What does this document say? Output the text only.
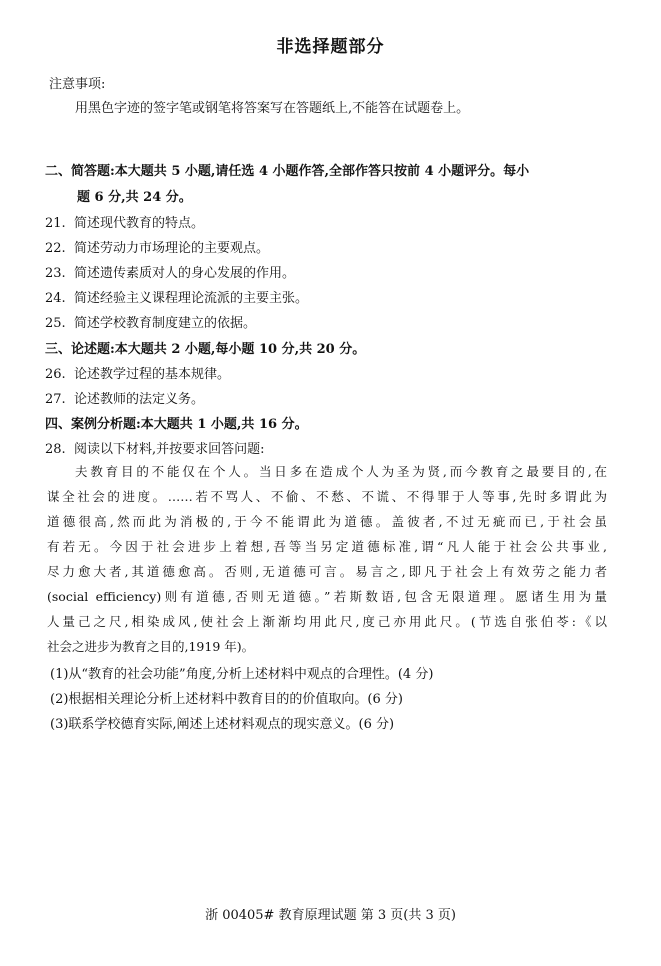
非选择题部分
注意事项:
用黑色字迹的签字笔或钢笔将答案写在答题纸上,不能答在试题卷上。
二、简答题:本大题共 5 小题,请任选 4 小题作答,全部作答只按前 4 小题评分。每小
题 6 分,共 24 分。
21. 简述现代教育的特点。
22. 简述劳动力市场理论的主要观点。
23. 简述遗传素质对人的身心发展的作用。
24. 简述经验主义课程理论流派的主要主张。
25. 简述学校教育制度建立的依据。
三、论述题:本大题共 2 小题,每小题 10 分,共 20 分。
26. 论述教学过程的基本规律。
27. 论述教师的法定义务。
四、案例分析题:本大题共 1 小题,共 16 分。
28. 阅读以下材料,并按要求回答问题:
夫教育目的不能仅在个人。当日多在造成个人为圣为贤,而今教育之最要目的,在
谋全社会的进度。……若不骂人、不偷、不愁、不谎、不得罪于人等事,先时多谓此为
道德很高,然而此为消极的,于今不能谓此为道德。盖彼者,不过无疵而已,于社会虽
有若无。今因于社会进步上着想,吾等当另定道德标准,谓“凡人能于社会公共事业,
尽力愈大者,其道德愈高。否则,无道德可言。易言之,即凡于社会上有效劳之能力者
(social efficiency)则有道德,否则无道德。”若斯数语,包含无限道理。愿诸生用为量
人量己之尺,相染成风,使社会上渐渐均用此尺,度己亦用此尺。(节选自张伯苓:《以
社会之进步为教育之目的,1919 年)。
(1)从“教育的社会功能”角度,分析上述材料中观点的合理性。(4 分)
(2)根据相关理论分析上述材料中教育目的的价值取向。(6 分)
(3)联系学校德育实际,阐述上述材料观点的现实意义。(6 分)
浙 00405# 教育原理试题 第 3 页(共 3 页)
